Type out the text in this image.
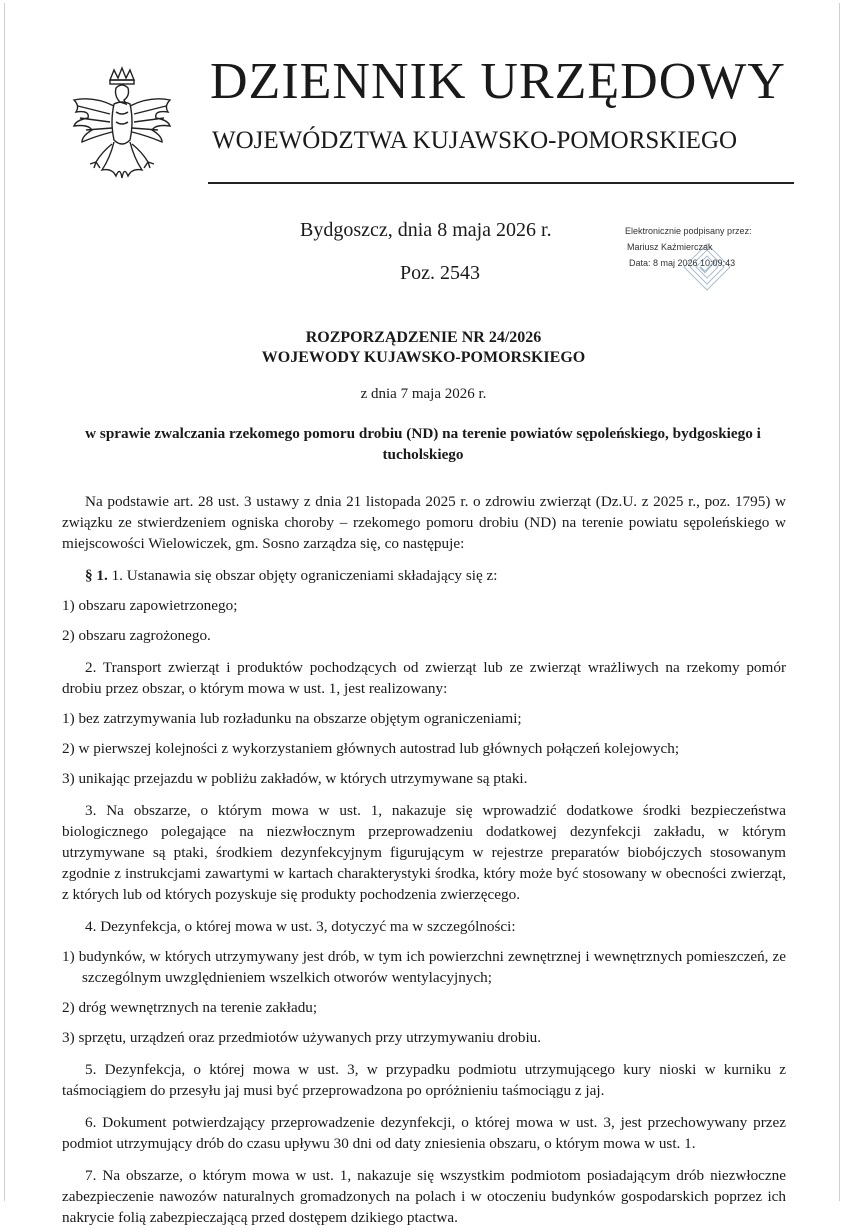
DZIENNIK URZĘDOWY
WOJEWÓDZTWA KUJAWSKO-POMORSKIEGO
Bydgoszcz, dnia 8 maja 2026 r.
Poz. 2543
Elektronicznie podpisany przez:
Mariusz Kaźmierczak
Data: 8 maj 2026 10:09:43
ROZPORZĄDZENIE NR 24/2026
WOJEWODY KUJAWSKO-POMORSKIEGO
z dnia 7 maja 2026 r.
w sprawie zwalczania rzekomego pomoru drobiu (ND) na terenie powiatów sępoleńskiego, bydgoskiego i tucholskiego

Na podstawie art. 28 ust. 3 ustawy z dnia 21 listopada 2025 r. o zdrowiu zwierząt (Dz.U. z 2025 r., poz. 1795) w związku ze stwierdzeniem ogniska choroby – rzekomego pomoru drobiu (ND) na terenie powiatu sępoleńskiego w miejscowości Wielowiczek, gm. Sosno zarządza się, co następuje:

§ 1. 1. Ustanawia się obszar objęty ograniczeniami składający się z:

1) obszaru zapowietrzonego;

2) obszaru zagrożonego.

2. Transport zwierząt i produktów pochodzących od zwierząt lub ze zwierząt wrażliwych na rzekomy pomór drobiu przez obszar, o którym mowa w ust. 1, jest realizowany:

1) bez zatrzymywania lub rozładunku na obszarze objętym ograniczeniami;

2) w pierwszej kolejności z wykorzystaniem głównych autostrad lub głównych połączeń kolejowych;

3) unikając przejazdu w pobliżu zakładów, w których utrzymywane są ptaki.

3. Na obszarze, o którym mowa w ust. 1, nakazuje się wprowadzić dodatkowe środki bezpieczeństwa biologicznego polegające na niezwłocznym przeprowadzeniu dodatkowej dezynfekcji zakładu, w którym utrzymywane są ptaki, środkiem dezynfekcyjnym figurującym w rejestrze preparatów biobójczych stosowanym zgodnie z instrukcjami zawartymi w kartach charakterystyki środka, który może być stosowany w obecności zwierząt, z których lub od których pozyskuje się produkty pochodzenia zwierzęcego.

4. Dezynfekcja, o której mowa w ust. 3, dotyczyć ma w szczególności:

1) budynków, w których utrzymywany jest drób, w tym ich powierzchni zewnętrznej i wewnętrznych pomieszczeń, ze szczególnym uwzględnieniem wszelkich otworów wentylacyjnych;

2) dróg wewnętrznych na terenie zakładu;

3) sprzętu, urządzeń oraz przedmiotów używanych przy utrzymywaniu drobiu.

5. Dezynfekcja, o której mowa w ust. 3, w przypadku podmiotu utrzymującego kury nioski w kurniku z taśmociągiem do przesyłu jaj musi być przeprowadzona po opróżnieniu taśmociągu z jaj.

6. Dokument potwierdzający przeprowadzenie dezynfekcji, o której mowa w ust. 3, jest przechowywany przez podmiot utrzymujący drób do czasu upływu 30 dni od daty zniesienia obszaru, o którym mowa w ust. 1.

7. Na obszarze, o którym mowa w ust. 1, nakazuje się wszystkim podmiotom posiadającym drób niezwłoczne zabezpieczenie nawozów naturalnych gromadzonych na polach i w otoczeniu budynków gospodarskich poprzez ich nakrycie folią zabezpieczającą przed dostępem dzikiego ptactwa.
